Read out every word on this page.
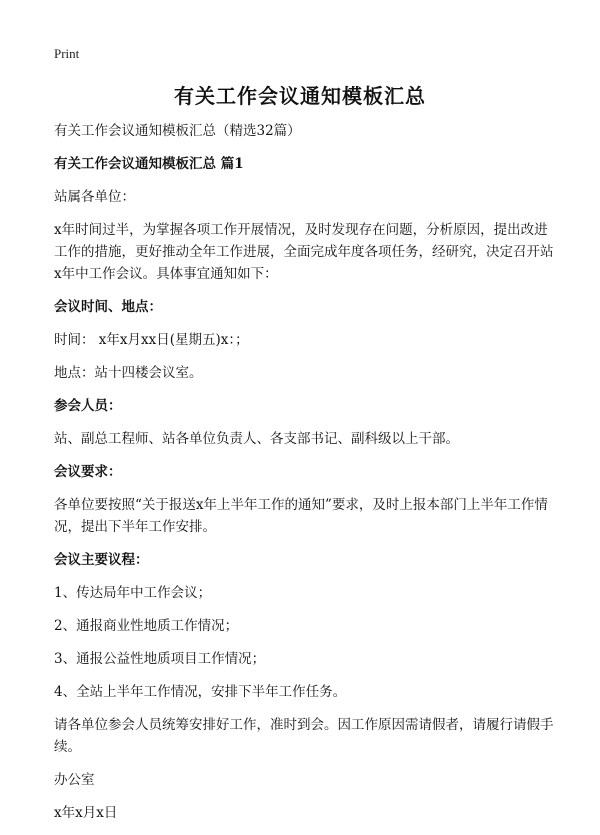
Print
有关工作会议通知模板汇总

有关工作会议通知模板汇总（精选32篇）

有关工作会议通知模板汇总 篇1

站属各单位：

x年时间过半，为掌握各项工作开展情况，及时发现存在问题，分析原因，提出改进工作的措施，更好推动全年工作进展，全面完成年度各项任务，经研究，决定召开站x年中工作会议。具体事宜通知如下：

会议时间、地点：

时间： x年x月xx日(星期五)x：；

地点：站十四楼会议室。

参会人员：

站、副总工程师、站各单位负责人、各支部书记、副科级以上干部。

会议要求：

各单位要按照“关于报送x年上半年工作的通知”要求，及时上报本部门上半年工作情况，提出下半年工作安排。

会议主要议程：

1、传达局年中工作会议；

2、通报商业性地质工作情况；

3、通报公益性地质项目工作情况；

4、全站上半年工作情况，安排下半年工作任务。

请各单位参会人员统筹安排好工作，准时到会。因工作原因需请假者，请履行请假手续。

办公室

x年x月x日
